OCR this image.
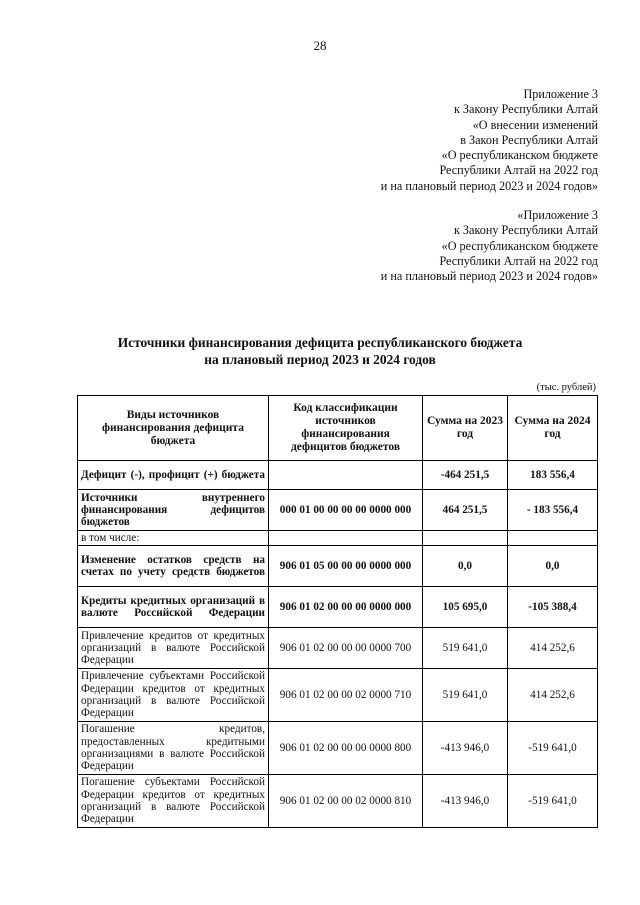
28
Приложение 3
к Закону Республики Алтай
«О внесении изменений
в Закон Республики Алтай
«О республиканском бюджете
Республики Алтай на 2022 год
и на плановый период 2023 и 2024 годов»
«Приложение 3
к Закону Республики Алтай
«О республиканском бюджете
Республики Алтай на 2022 год
и на плановый период 2023 и 2024 годов»
Источники финансирования дефицита республиканского бюджета
на плановый период 2023 и 2024 годов
(тыс. рублей)
Виды источников финансирования дефицита бюджета	Код классификации источников финансирования дефицитов бюджетов	Сумма на 2023 год	Сумма на 2024 год
Дефицит (-), профицит (+) бюджета		-464 251,5	183 556,4
Источники внутреннего финансирования дефицитов бюджетов	000 01 00 00 00 00 0000 000	464 251,5	- 183 556,4
в том числе:			
Изменение остатков средств на счетах по учету средств бюджетов	906 01 05 00 00 00 0000 000	0,0	0,0
Кредиты кредитных организаций в валюте Российской Федерации	906 01 02 00 00 00 0000 000	105 695,0	-105 388,4
Привлечение кредитов от кредитных организаций в валюте Российской Федерации	906 01 02 00 00 00 0000 700	519 641,0	414 252,6
Привлечение субъектами Российской Федерации кредитов от кредитных организаций в валюте Российской Федерации	906 01 02 00 00 02 0000 710	519 641,0	414 252,6
Погашение кредитов, предоставленных кредитными организациями в валюте Российской Федерации	906 01 02 00 00 00 0000 800	-413 946,0	-519 641,0
Погашение субъектами Российской Федерации кредитов от кредитных организаций в валюте Российской Федерации	906 01 02 00 00 02 0000 810	-413 946,0	-519 641,0
